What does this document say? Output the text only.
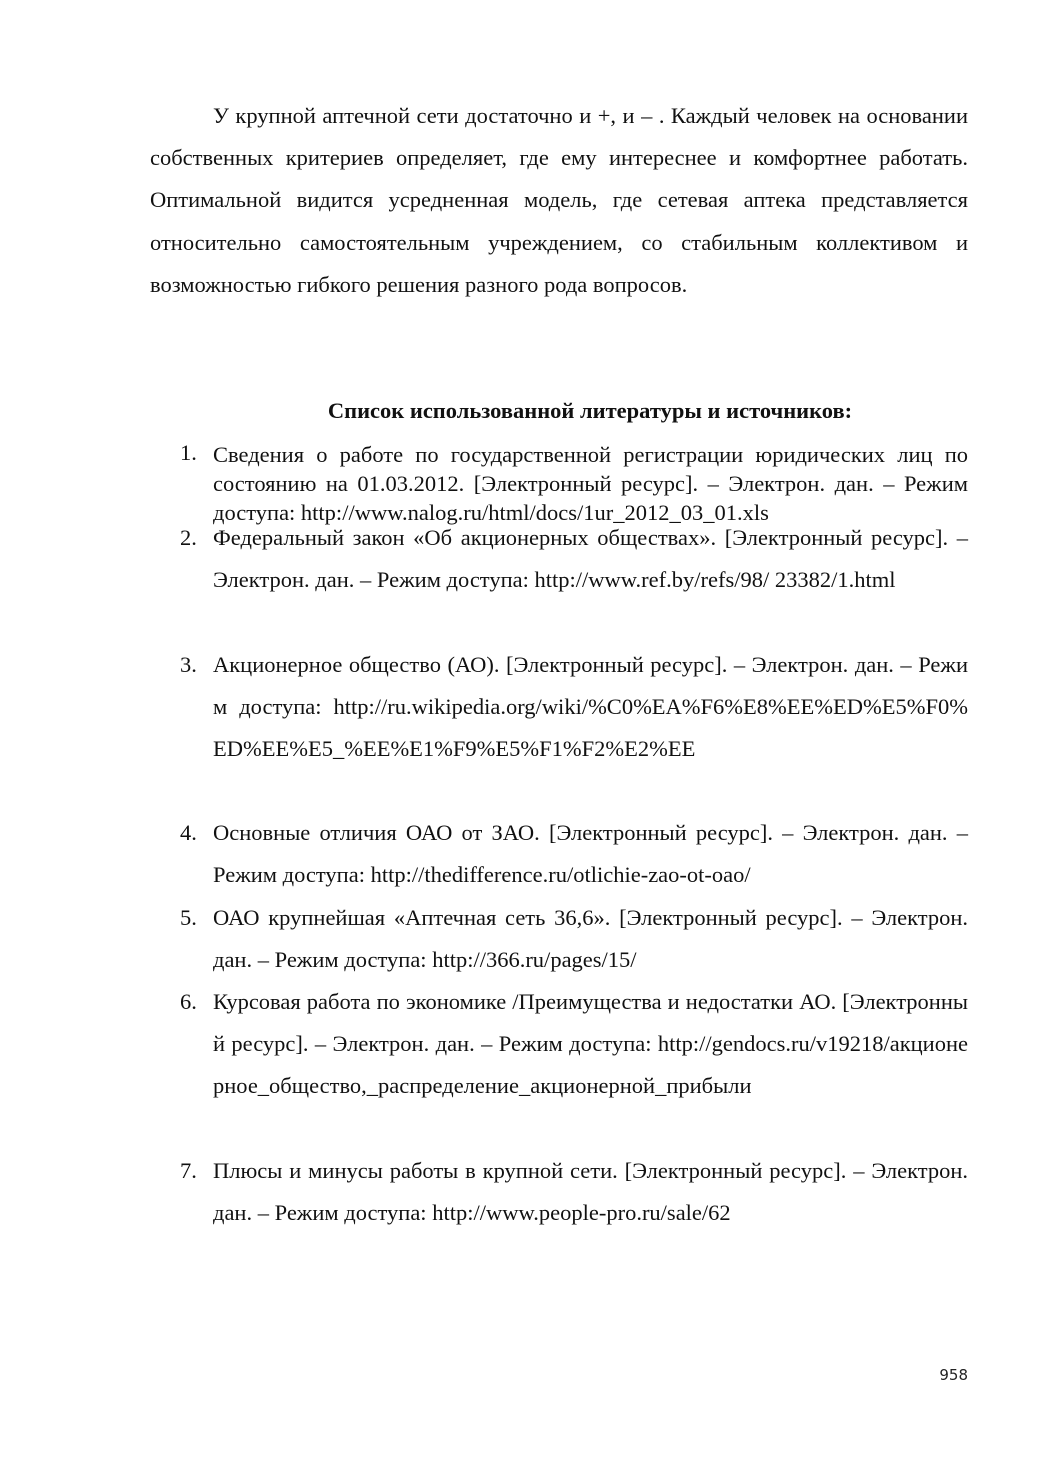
У крупной аптечной сети достаточно и +, и – . Каждый человек на основании собственных критериев определяет, где ему интереснее и комфортнее работать. Оптимальной видится усредненная модель, где сетевая аптека представляется относительно самостоятельным учреждением, со стабильным коллективом и возможностью гибкого решения разного рода вопросов.

Список использованной литературы и источников:
1. Сведения о работе по государственной регистрации юридических лиц по состоянию на 01.03.2012. [Электронный ресурс]. – Электрон. дан. – Режим доступа: http://www.nalog.ru/html/docs/1ur_2012_03_01.xls
2. Федеральный закон «Об акционерных обществах». [Электронный ресурс]. – Электрон. дан. – Режим доступа: http://www.ref.by/refs/98/ 23382/1.html
3. Акционерное общество (АО). [Электронный ресурс]. – Электрон. дан. – Режим доступа: http://ru.wikipedia.org/wiki/%C0%EA%F6%E8%EE%ED%E5%F0%ED%EE%E5_%EE%E1%F9%E5%F1%F2%E2%EE
4. Основные отличия ОАО от ЗАО. [Электронный ресурс]. – Электрон. дан. – Режим доступа: http://thedifference.ru/otlichie-zao-ot-oao/
5. ОАО крупнейшая «Аптечная сеть 36,6». [Электронный ресурс]. – Электрон. дан. – Режим доступа: http://366.ru/pages/15/
6. Курсовая работа по экономике /Преимущества и недостатки АО. [Электронный ресурс]. – Электрон. дан. – Режим доступа: http://gendocs.ru/v19218/акционерное_общество,_распределение_акционерной_прибыли
7. Плюсы и минусы работы в крупной сети. [Электронный ресурс]. – Электрон. дан. – Режим доступа: http://www.people-pro.ru/sale/62
958
